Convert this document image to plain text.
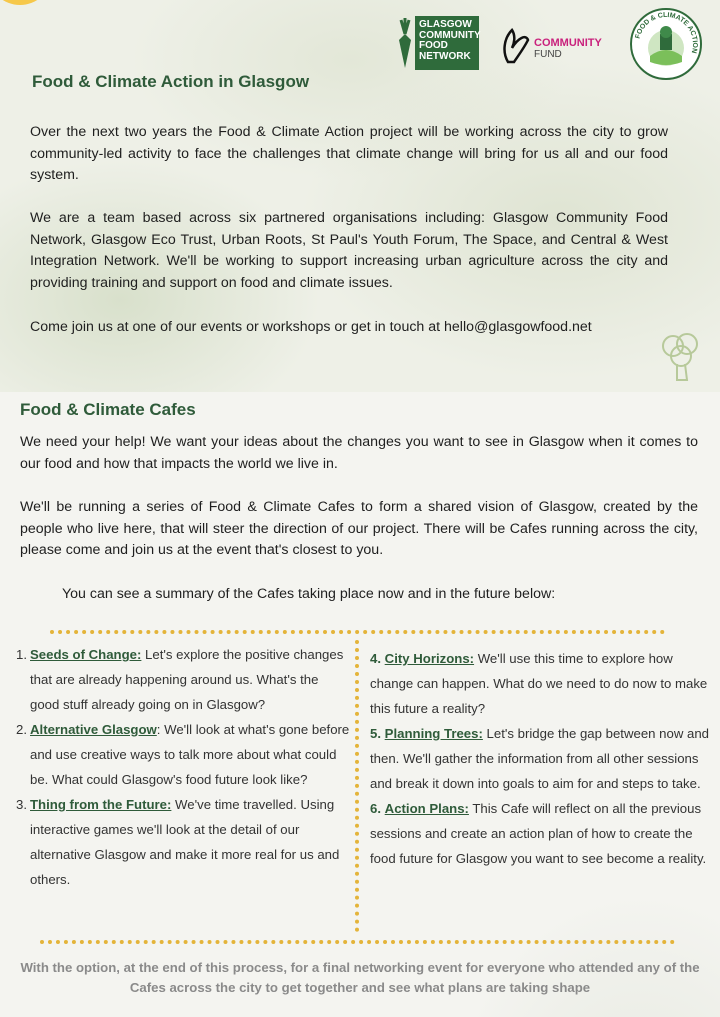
GLASGOW
COMMUNITY
FOOD
NETWORK
COMMUNITY
FUND
FOOD & CLIMATE ACTION
Food & Climate Action in Glasgow
Over the next two years the Food & Climate Action project will be working across the city to grow community-led activity to face the challenges that climate change will bring for us all and our food system.
We are a team based across six partnered organisations including: Glasgow Community Food Network, Glasgow Eco Trust, Urban Roots, St Paul's Youth Forum, The Space, and Central & West Integration Network. We'll be working to support increasing urban agriculture across the city and providing training and support on food and climate issues.
Come join us at one of our events or workshops or get in touch at hello@glasgowfood.net
Food & Climate Cafes
We need your help! We want your ideas about the changes you want to see in Glasgow when it comes to our food and how that impacts the world we live in.
We'll be running a series of Food & Climate Cafes to form a shared vision of Glasgow, created by the people who live here, that will steer the direction of our project. There will be Cafes running across the city, please come and join us at the event that's closest to you.
You can see a summary of the Cafes taking place now and in the future below:
1. Seeds of Change: Let's explore the positive changes that are already happening around us. What's the good stuff already going on in Glasgow?
2. Alternative Glasgow: We'll look at what's gone before and use creative ways to talk more about what could be. What could Glasgow's food future look like?
3. Thing from the Future: We've time travelled. Using interactive games we'll look at the detail of our alternative Glasgow and make it more real for us and others.
4. City Horizons: We'll use this time to explore how change can happen. What do we need to do now to make this future a reality?
5. Planning Trees: Let's bridge the gap between now and then. We'll gather the information from all other sessions and break it down into goals to aim for and steps to take.
6. Action Plans: This Cafe will reflect on all the previous sessions and create an action plan of how to create the food future for Glasgow you want to see become a reality.
With the option, at the end of this process, for a final networking event for everyone who attended any of the Cafes across the city to get together and see what plans are taking shape
